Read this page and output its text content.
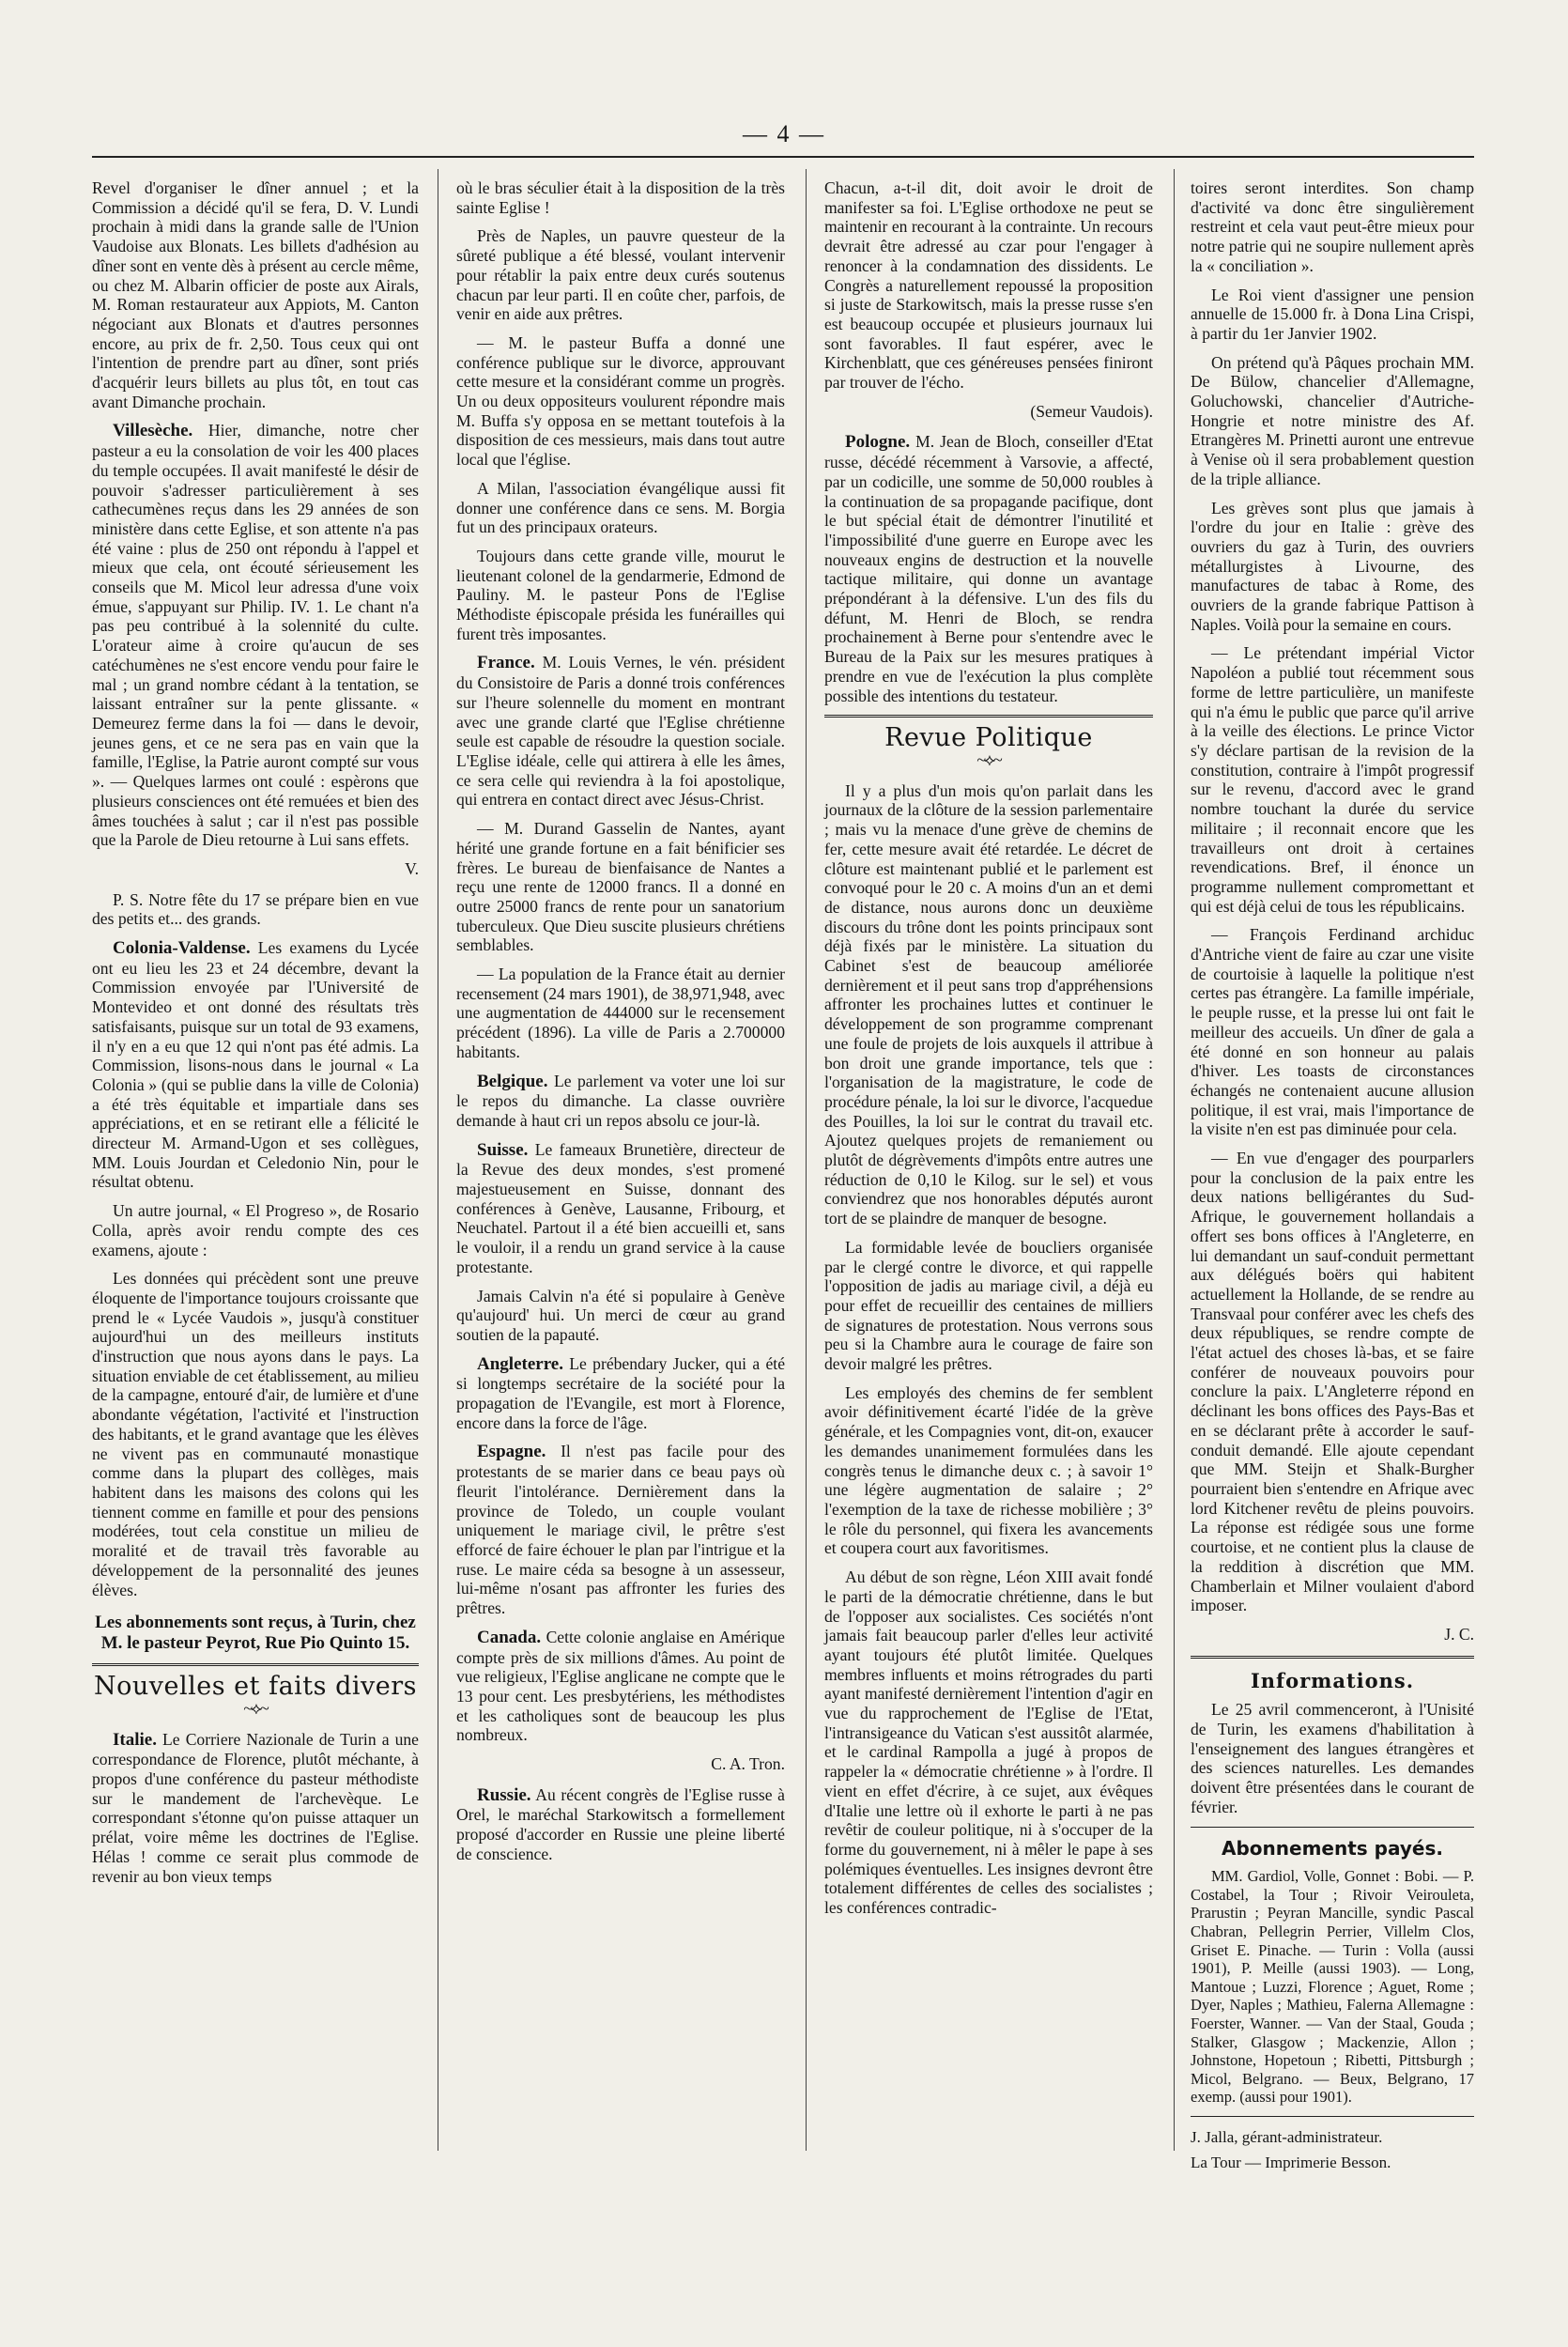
— 4 —

Revel d'organiser le dîner annuel ; et la Commission a décidé qu'il se fera, D. V. Lundi prochain à midi dans la grande salle de l'Union Vaudoise aux Blonats. Les billets d'adhésion au dîner sont en vente dès à présent au cercle même, ou chez M. Albarin officier de poste aux Airals, M. Roman restaurateur aux Appiots, M. Canton négociant aux Blonats et d'autres personnes encore, au prix de fr. 2,50. Tous ceux qui ont l'intention de prendre part au dîner, sont priés d'acquérir leurs billets au plus tôt, en tout cas avant Dimanche prochain.

Villesèche. Hier, dimanche, notre cher pasteur a eu la consolation de voir les 400 places du temple occupées. Il avait manifesté le désir de pouvoir s'adresser particulièrement à ses cathecumènes reçus dans les 29 années de son ministère dans cette Eglise, et son attente n'a pas été vaine : plus de 250 ont répondu à l'appel et mieux que cela, ont écouté sérieusement les conseils que M. Micol leur adressa d'une voix émue, s'appuyant sur Philip. IV. 1. Le chant n'a pas peu contribué à la solennité du culte. L'orateur aime à croire qu'aucun de ses catéchumènes ne s'est encore vendu pour faire le mal ; un grand nombre cédant à la tentation, se laissant entraîner sur la pente glissante. « Demeurez ferme dans la foi — dans le devoir, jeunes gens, et ce ne sera pas en vain que la famille, l'Eglise, la Patrie auront compté sur vous ». — Quelques larmes ont coulé : espèrons que plusieurs consciences ont été remuées et bien des âmes touchées à salut ; car il n'est pas possible que la Parole de Dieu retourne à Lui sans effets.

V.

P. S. Notre fête du 17 se prépare bien en vue des petits et... des grands.

Colonia-Valdense. Les examens du Lycée ont eu lieu les 23 et 24 décembre, devant la Commission envoyée par l'Université de Montevideo et ont donné des résultats très satisfaisants, puisque sur un total de 93 examens, il n'y en a eu que 12 qui n'ont pas été admis. La Commission, lisons-nous dans le journal « La Colonia » (qui se publie dans la ville de Colonia) a été très équitable et impartiale dans ses appréciations, et en se retirant elle a félicité le directeur M. Armand-Ugon et ses collègues, MM. Louis Jourdan et Celedonio Nin, pour le résultat obtenu.

Un autre journal, « El Progreso », de Rosario Colla, après avoir rendu compte des ces examens, ajoute :

Les données qui précèdent sont une preuve éloquente de l'importance toujours croissante que prend le « Lycée Vaudois », jusqu'à constituer aujourd'hui un des meilleurs instituts d'instruction que nous ayons dans le pays. La situation enviable de cet établissement, au milieu de la campagne, entouré d'air, de lumière et d'une abondante végétation, l'activité et l'instruction des habitants, et le grand avantage que les élèves ne vivent pas en communauté monastique comme dans la plupart des collèges, mais habitent dans les maisons des colons qui les tiennent comme en famille et pour des pensions modérées, tout cela constitue un milieu de moralité et de travail très favorable au développement de la personnalité des jeunes élèves.

Les abonnements sont reçus, à Turin, chez M. le pasteur Peyrot, Rue Pio Quinto 15.
Nouvelles et faits divers
~⟡~

Italie. Le Corriere Nazionale de Turin a une correspondance de Florence, plutôt méchante, à propos d'une conférence du pasteur méthodiste sur le mandement de l'archevèque. Le correspondant s'étonne qu'on puisse attaquer un prélat, voire même les doctrines de l'Eglise. Hélas ! comme ce serait plus commode de revenir au bon vieux temps

où le bras séculier était à la disposition de la très sainte Eglise !

Près de Naples, un pauvre questeur de la sûreté publique a été blessé, voulant intervenir pour rétablir la paix entre deux curés soutenus chacun par leur parti. Il en coûte cher, parfois, de venir en aide aux prêtres.

— M. le pasteur Buffa a donné une conférence publique sur le divorce, approuvant cette mesure et la considérant comme un progrès. Un ou deux oppositeurs voulurent répondre mais M. Buffa s'y opposa en se mettant toutefois à la disposition de ces messieurs, mais dans tout autre local que l'église.

A Milan, l'association évangélique aussi fit donner une conférence dans ce sens. M. Borgia fut un des principaux orateurs.

Toujours dans cette grande ville, mourut le lieutenant colonel de la gendarmerie, Edmond de Pauliny. M. le pasteur Pons de l'Eglise Méthodiste épiscopale présida les funérailles qui furent très imposantes.

France. M. Louis Vernes, le vén. président du Consistoire de Paris a donné trois conférences sur l'heure solennelle du moment en montrant avec une grande clarté que l'Eglise chrétienne seule est capable de résoudre la question sociale. L'Eglise idéale, celle qui attirera à elle les âmes, ce sera celle qui reviendra à la foi apostolique, qui entrera en contact direct avec Jésus-Christ.

— M. Durand Gasselin de Nantes, ayant hérité une grande fortune en a fait bénificier ses frères. Le bureau de bienfaisance de Nantes a reçu une rente de 12000 francs. Il a donné en outre 25000 francs de rente pour un sanatorium tuberculeux. Que Dieu suscite plusieurs chrétiens semblables.

— La population de la France était au dernier recensement (24 mars 1901), de 38,971,948, avec une augmentation de 444000 sur le recensement précédent (1896). La ville de Paris a 2.700000 habitants.

Belgique. Le parlement va voter une loi sur le repos du dimanche. La classe ouvrière demande à haut cri un repos absolu ce jour-là.

Suisse. Le fameaux Brunetière, directeur de la Revue des deux mondes, s'est promené majestueusement en Suisse, donnant des conférences à Genève, Lausanne, Fribourg, et Neuchatel. Partout il a été bien accueilli et, sans le vouloir, il a rendu un grand service à la cause protestante.

Jamais Calvin n'a été si populaire à Genève qu'aujourd' hui. Un merci de cœur au grand soutien de la papauté.

Angleterre. Le prébendary Jucker, qui a été si longtemps secrétaire de la société pour la propagation de l'Evangile, est mort à Florence, encore dans la force de l'âge.

Espagne. Il n'est pas facile pour des protestants de se marier dans ce beau pays où fleurit l'intolérance. Dernièrement dans la province de Toledo, un couple voulant uniquement le mariage civil, le prêtre s'est efforcé de faire échouer le plan par l'intrigue et la ruse. Le maire céda sa besogne à un assesseur, lui-même n'osant pas affronter les furies des prêtres.

Canada. Cette colonie anglaise en Amérique compte près de six millions d'âmes. Au point de vue religieux, l'Eglise anglicane ne compte que le 13 pour cent. Les presbytériens, les méthodistes et les catholiques sont de beaucoup les plus nombreux.

C. A. Tron.

Russie. Au récent congrès de l'Eglise russe à Orel, le maréchal Starkowitsch a formellement proposé d'accorder en Russie une pleine liberté de conscience.

Chacun, a-t-il dit, doit avoir le droit de manifester sa foi. L'Eglise orthodoxe ne peut se maintenir en recourant à la contrainte. Un recours devrait être adressé au czar pour l'engager à renoncer à la condamnation des dissidents. Le Congrès a naturellement repoussé la proposition si juste de Starkowitsch, mais la presse russe s'en est beaucoup occupée et plusieurs journaux lui sont favorables. Il faut espérer, avec le Kirchenblatt, que ces généreuses pensées finiront par trouver de l'écho.

(Semeur Vaudois).

Pologne. M. Jean de Bloch, conseiller d'Etat russe, décédé récemment à Varsovie, a affecté, par un codicille, une somme de 50,000 roubles à la continuation de sa propagande pacifique, dont le but spécial était de démontrer l'inutilité et l'impossibilité d'une guerre en Europe avec les nouveaux engins de destruction et la nouvelle tactique militaire, qui donne un avantage prépondérant à la défensive. L'un des fils du défunt, M. Henri de Bloch, se rendra prochainement à Berne pour s'entendre avec le Bureau de la Paix sur les mesures pratiques à prendre en vue de l'exécution la plus complète possible des intentions du testateur.

Revue Politique
~⟡~

Il y a plus d'un mois qu'on parlait dans les journaux de la clôture de la session parlementaire ; mais vu la menace d'une grève de chemins de fer, cette mesure avait été retardée. Le décret de clôture est maintenant publié et le parlement est convoqué pour le 20 c. A moins d'un an et demi de distance, nous aurons donc un deuxième discours du trône dont les points principaux sont déjà fixés par le ministère. La situation du Cabinet s'est de beaucoup améliorée dernièrement et il peut sans trop d'appréhensions affronter les prochaines luttes et continuer le développement de son programme comprenant une foule de projets de lois auxquels il attribue à bon droit une grande importance, tels que : l'organisation de la magistrature, le code de procédure pénale, la loi sur le divorce, l'acquedue des Pouilles, la loi sur le contrat du travail etc. Ajoutez quelques projets de remaniement ou plutôt de dégrèvements d'impôts entre autres une réduction de 0,10 le Kilog. sur le sel) et vous conviendrez que nos honorables députés auront tort de se plaindre de manquer de besogne.

La formidable levée de boucliers organisée par le clergé contre le divorce, et qui rappelle l'opposition de jadis au mariage civil, a déjà eu pour effet de recueillir des centaines de milliers de signatures de protestation. Nous verrons sous peu si la Chambre aura le courage de faire son devoir malgré les prêtres.

Les employés des chemins de fer semblent avoir définitivement écarté l'idée de la grève générale, et les Compagnies vont, dit-on, exaucer les demandes unanimement formulées dans les congrès tenus le dimanche deux c. ; à savoir 1° une légère augmentation de salaire ; 2° l'exemption de la taxe de richesse mobilière ; 3° le rôle du personnel, qui fixera les avancements et coupera court aux favoritismes.

Au début de son règne, Léon XIII avait fondé le parti de la démocratie chrétienne, dans le but de l'opposer aux socialistes. Ces sociétés n'ont jamais fait beaucoup parler d'elles leur activité ayant toujours été plutôt limitée. Quelques membres influents et moins rétrogrades du parti ayant manifesté dernièrement l'intention d'agir en vue du rapprochement de l'Eglise de l'Etat, l'intransigeance du Vatican s'est aussitôt alarmée, et le cardinal Rampolla a jugé à propos de rappeler la « démocratie chrétienne » à l'ordre. Il vient en effet d'écrire, à ce sujet, aux évêques d'Italie une lettre où il exhorte le parti à ne pas revêtir de couleur politique, ni à s'occuper de la forme du gouvernement, ni à mêler le pape à ses polémiques éventuelles. Les insignes devront être totalement différentes de celles des socialistes ; les conférences contradic-

toires seront interdites. Son champ d'activité va donc être singulièrement restreint et cela vaut peut-être mieux pour notre patrie qui ne soupire nullement après la « conciliation ».

Le Roi vient d'assigner une pension annuelle de 15.000 fr. à Dona Lina Crispi, à partir du 1er Janvier 1902.

On prétend qu'à Pâques prochain MM. De Bülow, chancelier d'Allemagne, Goluchowski, chancelier d'Autriche-Hongrie et notre ministre des Af. Etrangères M. Prinetti auront une entrevue à Venise où il sera probablement question de la triple alliance.

Les grèves sont plus que jamais à l'ordre du jour en Italie : grève des ouvriers du gaz à Turin, des ouvriers métallurgistes à Livourne, des manufactures de tabac à Rome, des ouvriers de la grande fabrique Pattison à Naples. Voilà pour la semaine en cours.

— Le prétendant impérial Victor Napoléon a publié tout récemment sous forme de lettre particulière, un manifeste qui n'a ému le public que parce qu'il arrive à la veille des élections. Le prince Victor s'y déclare partisan de la revision de la constitution, contraire à l'impôt progressif sur le revenu, d'accord avec le grand nombre touchant la durée du service militaire ; il reconnait encore que les travailleurs ont droit à certaines revendications. Bref, il énonce un programme nullement compromettant et qui est déjà celui de tous les républicains.

— François Ferdinand archiduc d'Antriche vient de faire au czar une visite de courtoisie à laquelle la politique n'est certes pas étrangère. La famille impériale, le peuple russe, et la presse lui ont fait le meilleur des accueils. Un dîner de gala a été donné en son honneur au palais d'hiver. Les toasts de circonstances échangés ne contenaient aucune allusion politique, il est vrai, mais l'importance de la visite n'en est pas diminuée pour cela.

— En vue d'engager des pourparlers pour la conclusion de la paix entre les deux nations belligérantes du Sud-Afrique, le gouvernement hollandais a offert ses bons offices à l'Angleterre, en lui demandant un sauf-conduit permettant aux délégués boërs qui habitent actuellement la Hollande, de se rendre au Transvaal pour conférer avec les chefs des deux républiques, se rendre compte de l'état actuel des choses là-bas, et se faire conférer de nouveaux pouvoirs pour conclure la paix. L'Angleterre répond en déclinant les bons offices des Pays-Bas et en se déclarant prête à accorder le sauf-conduit demandé. Elle ajoute cependant que MM. Steijn et Shalk-Burgher pourraient bien s'entendre en Afrique avec lord Kitchener revêtu de pleins pouvoirs. La réponse est rédigée sous une forme courtoise, et ne contient plus la clause de la reddition à discrétion que MM. Chamberlain et Milner voulaient d'abord imposer.

J. C.
Informations.

Le 25 avril commenceront, à l'Unisité de Turin, les examens d'habilitation à l'enseignement des langues étrangères et des sciences naturelles. Les demandes doivent être présentées dans le courant de février.

Abonnements payés.

MM. Gardiol, Volle, Gonnet : Bobi. — P. Costabel, la Tour ; Rivoir Veirouleta, Prarustin ; Peyran Mancille, syndic Pascal Chabran, Pellegrin Perrier, Villelm Clos, Griset E. Pinache. — Turin : Volla (aussi 1901), P. Meille (aussi 1903). — Long, Mantoue ; Luzzi, Florence ; Aguet, Rome ; Dyer, Naples ; Mathieu, Falerna Allemagne : Foerster, Wanner. — Van der Staal, Gouda ; Stalker, Glasgow ; Mackenzie, Allon ; Johnstone, Hopetoun ; Ribetti, Pittsburgh ; Micol, Belgrano. — Beux, Belgrano, 17 exemp. (aussi pour 1901).

J. Jalla, gérant-administrateur.
La Tour — Imprimerie Besson.
